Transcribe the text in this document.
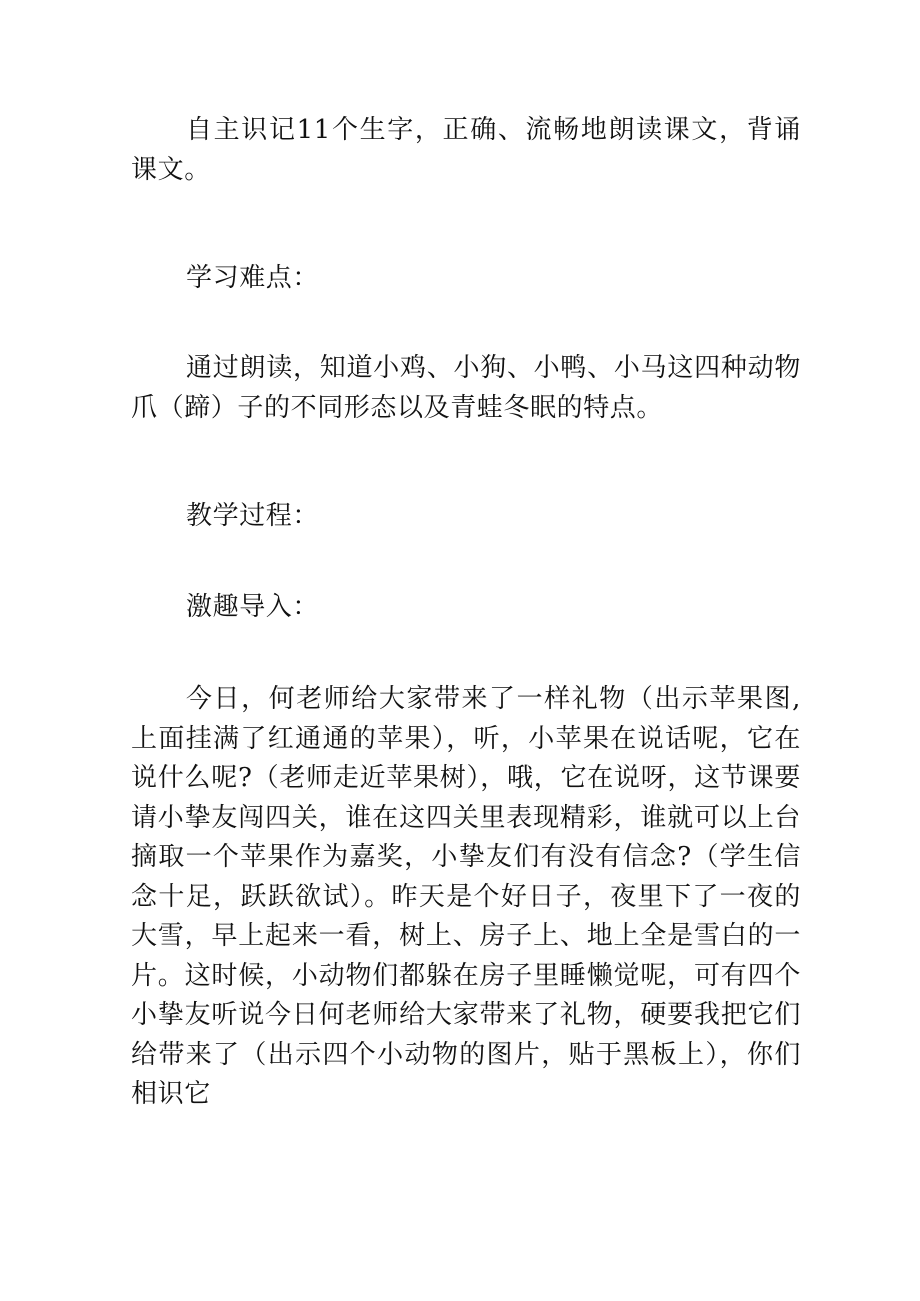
自主识记11个生字，正确、流畅地朗读课文，背诵课文。

学习难点：

通过朗读，知道小鸡、小狗、小鸭、小马这四种动物爪（蹄）子的不同形态以及青蛙冬眠的特点。

教学过程：

激趣导入：

今日，何老师给大家带来了一样礼物（出示苹果图,上面挂满了红通通的苹果），听，小苹果在说话呢，它在说什么呢?（老师走近苹果树），哦，它在说呀，这节课要请小挚友闯四关，谁在这四关里表现精彩，谁就可以上台摘取一个苹果作为嘉奖，小挚友们有没有信念?（学生信念十足，跃跃欲试）。昨天是个好日子，夜里下了一夜的大雪，早上起来一看，树上、房子上、地上全是雪白的一片。这时候，小动物们都躲在房子里睡懒觉呢，可有四个小挚友听说今日何老师给大家带来了礼物，硬要我把它们给带来了（出示四个小动物的图片，贴于黑板上），你们相识它
